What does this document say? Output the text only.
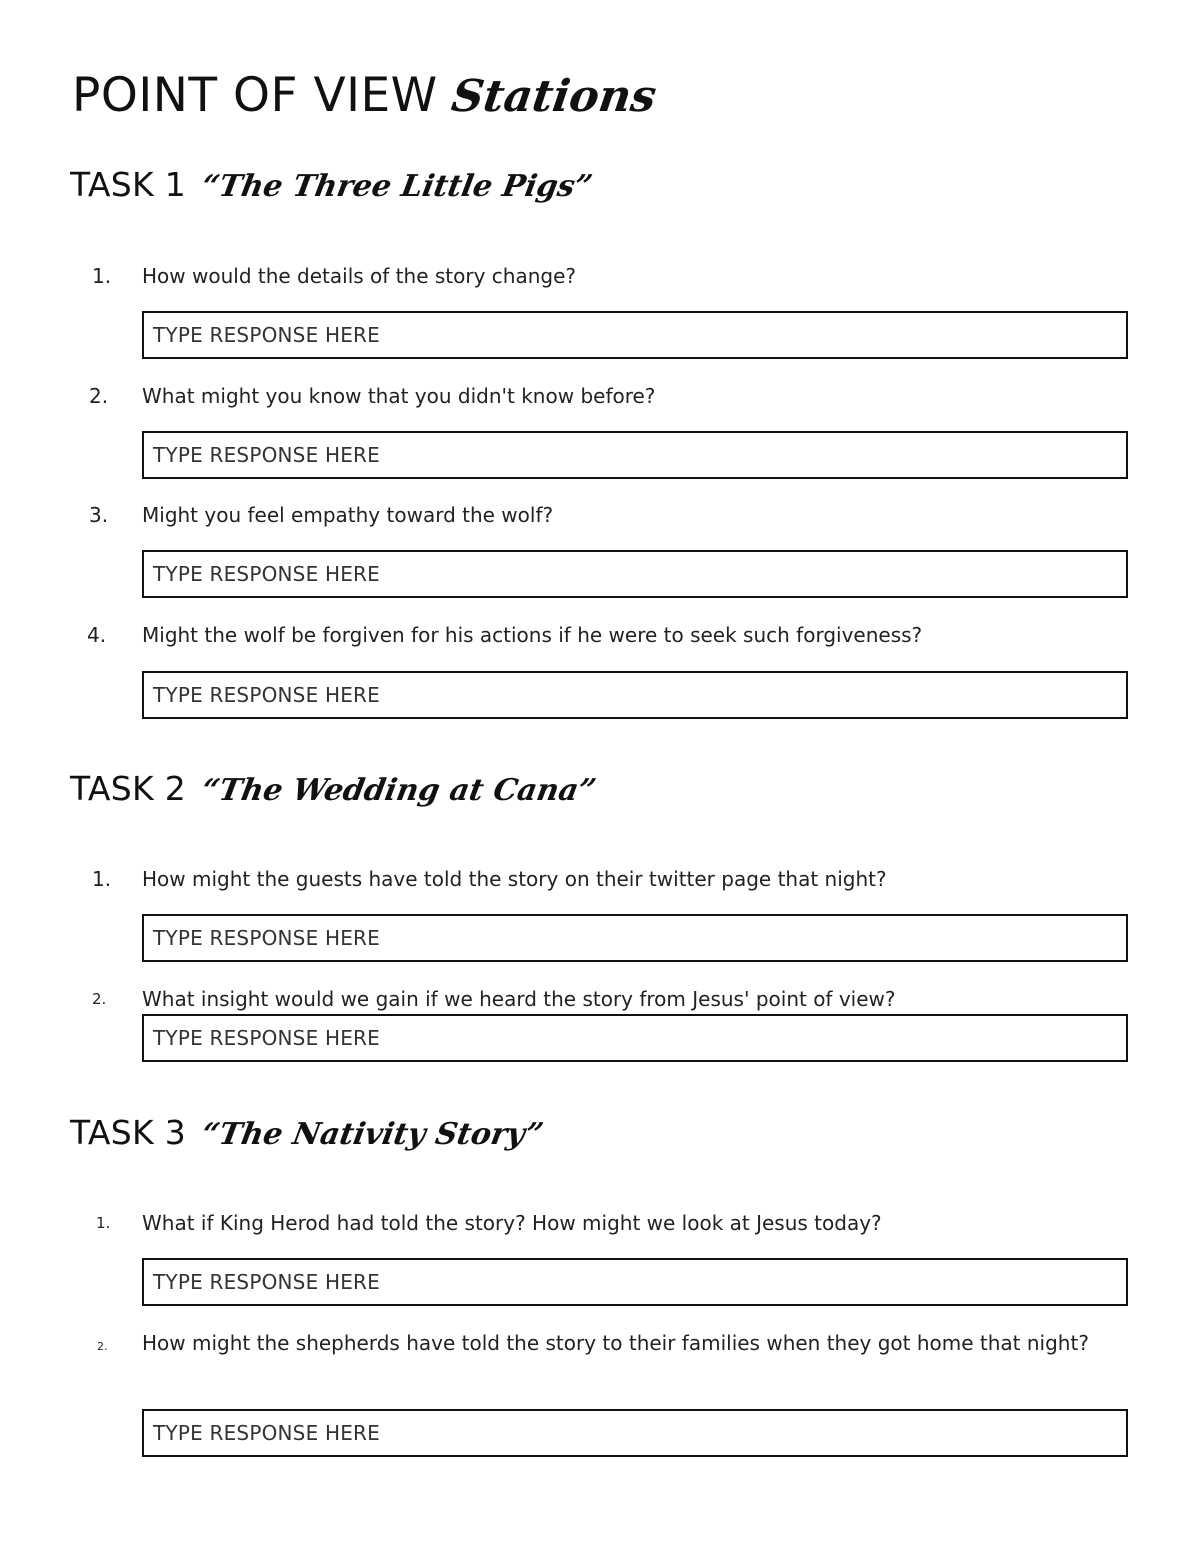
POINT OF VIEW Stations
TASK 1 “The Three Little Pigs”
1.	How would the details of the story change?

TYPE RESPONSE HERE
2.	What might you know that you didn't know before?

TYPE RESPONSE HERE
3.	Might you feel empathy toward the wolf?

TYPE RESPONSE HERE
4.	Might the wolf be forgiven for his actions if he were to seek such forgiveness?

TYPE RESPONSE HERE
TASK 2 “The Wedding at Cana”
1.	How might the guests have told the story on their twitter page that night?

TYPE RESPONSE HERE
2.	What insight would we gain if we heard the story from Jesus' point of view?

TYPE RESPONSE HERE
TASK 3 “The Nativity Story”
1.	What if King Herod had told the story? How might we look at Jesus today?

TYPE RESPONSE HERE
2.	How might the shepherds have told the story to their families when they got home that night?

TYPE RESPONSE HERE
